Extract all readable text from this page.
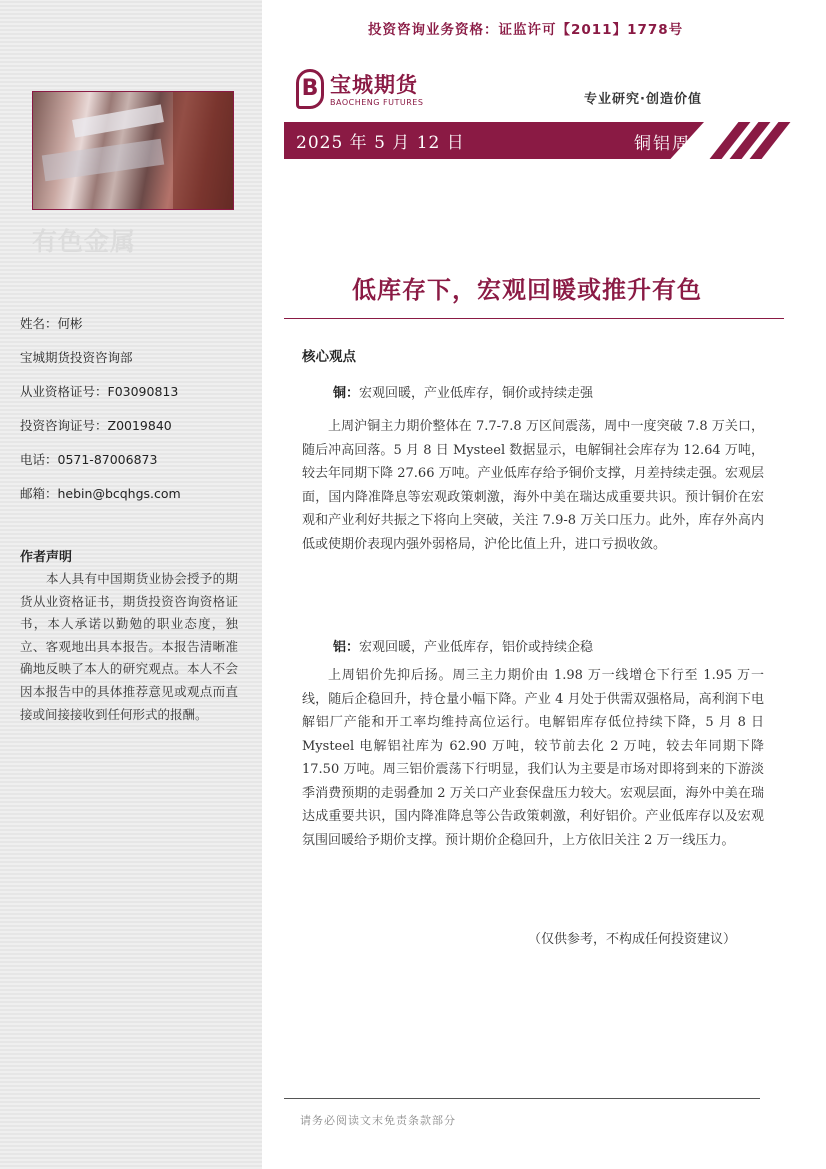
有色金属
姓名：何彬
宝城期货投资咨询部
从业资格证号：F03090813
投资咨询证号：Z0019840
电话：0571-87006873
邮箱：hebin@bcqhgs.com
作者声明
本人具有中国期货业协会授予的期货从业资格证书，期货投资咨询资格证书，本人承诺以勤勉的职业态度，独立、客观地出具本报告。本报告清晰准确地反映了本人的研究观点。本人不会因本报告中的具体推荐意见或观点而直接或间接接收到任何形式的报酬。
投资咨询业务资格：证监许可【2011】1778号
B 宝城期货
BAOCHENG FUTURES	专业研究·创造价值
2025 年 5 月 12 日	铜铝周报
低库存下，宏观回暖或推升有色
核心观点
铜：宏观回暖，产业低库存，铜价或持续走强
上周沪铜主力期价整体在 7.7-7.8 万区间震荡，周中一度突破 7.8 万关口，随后冲高回落。5 月 8 日 Mysteel 数据显示，电解铜社会库存为 12.64 万吨，较去年同期下降 27.66 万吨。产业低库存给予铜价支撑，月差持续走强。宏观层面，国内降准降息等宏观政策刺激，海外中美在瑞达成重要共识。预计铜价在宏观和产业利好共振之下将向上突破，关注 7.9-8 万关口压力。此外，库存外高内低或使期价表现内强外弱格局，沪伦比值上升，进口亏损收敛。
铝：宏观回暖，产业低库存，铝价或持续企稳
上周铝价先抑后扬。周三主力期价由 1.98 万一线增仓下行至 1.95 万一线，随后企稳回升，持仓量小幅下降。产业 4 月处于供需双强格局，高利润下电解铝厂产能和开工率均维持高位运行。电解铝库存低位持续下降，5 月 8 日 Mysteel 电解铝社库为 62.90 万吨，较节前去化 2 万吨，较去年同期下降 17.50 万吨。周三铝价震荡下行明显，我们认为主要是市场对即将到来的下游淡季消费预期的走弱叠加 2 万关口产业套保盘压力较大。宏观层面，海外中美在瑞达成重要共识，国内降准降息等公告政策刺激，利好铝价。产业低库存以及宏观氛围回暖给予期价支撑。预计期价企稳回升，上方依旧关注 2 万一线压力。
（仅供参考，不构成任何投资建议）
请务必阅读文末免责条款部分
